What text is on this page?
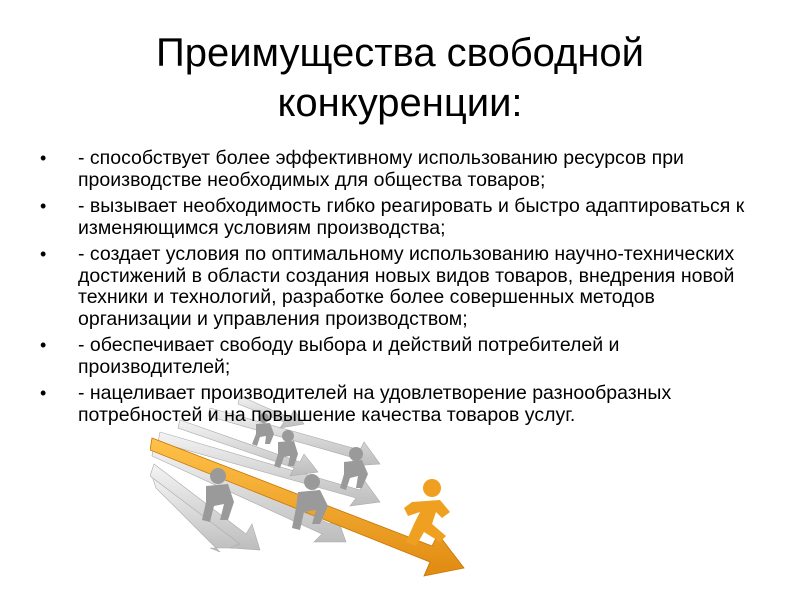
Преимущества свободной
конкуренции:
• - способствует более эффективному использованию ресурсов при производстве необходимых для общества товаров;
• - вызывает необходимость гибко реагировать и быстро адаптироваться к изменяющимся условиям производства;
• - создает условия по оптимальному использованию научно-технических достижений в области создания новых видов товаров, внедрения новой техники и технологий, разработке более совершенных методов организации и управления производством;
• - обеспечивает свободу выбора и действий потребителей и производителей;
• - нацеливает производителей на удовлетворение разнообразных потребностей и на повышение качества товаров услуг.
